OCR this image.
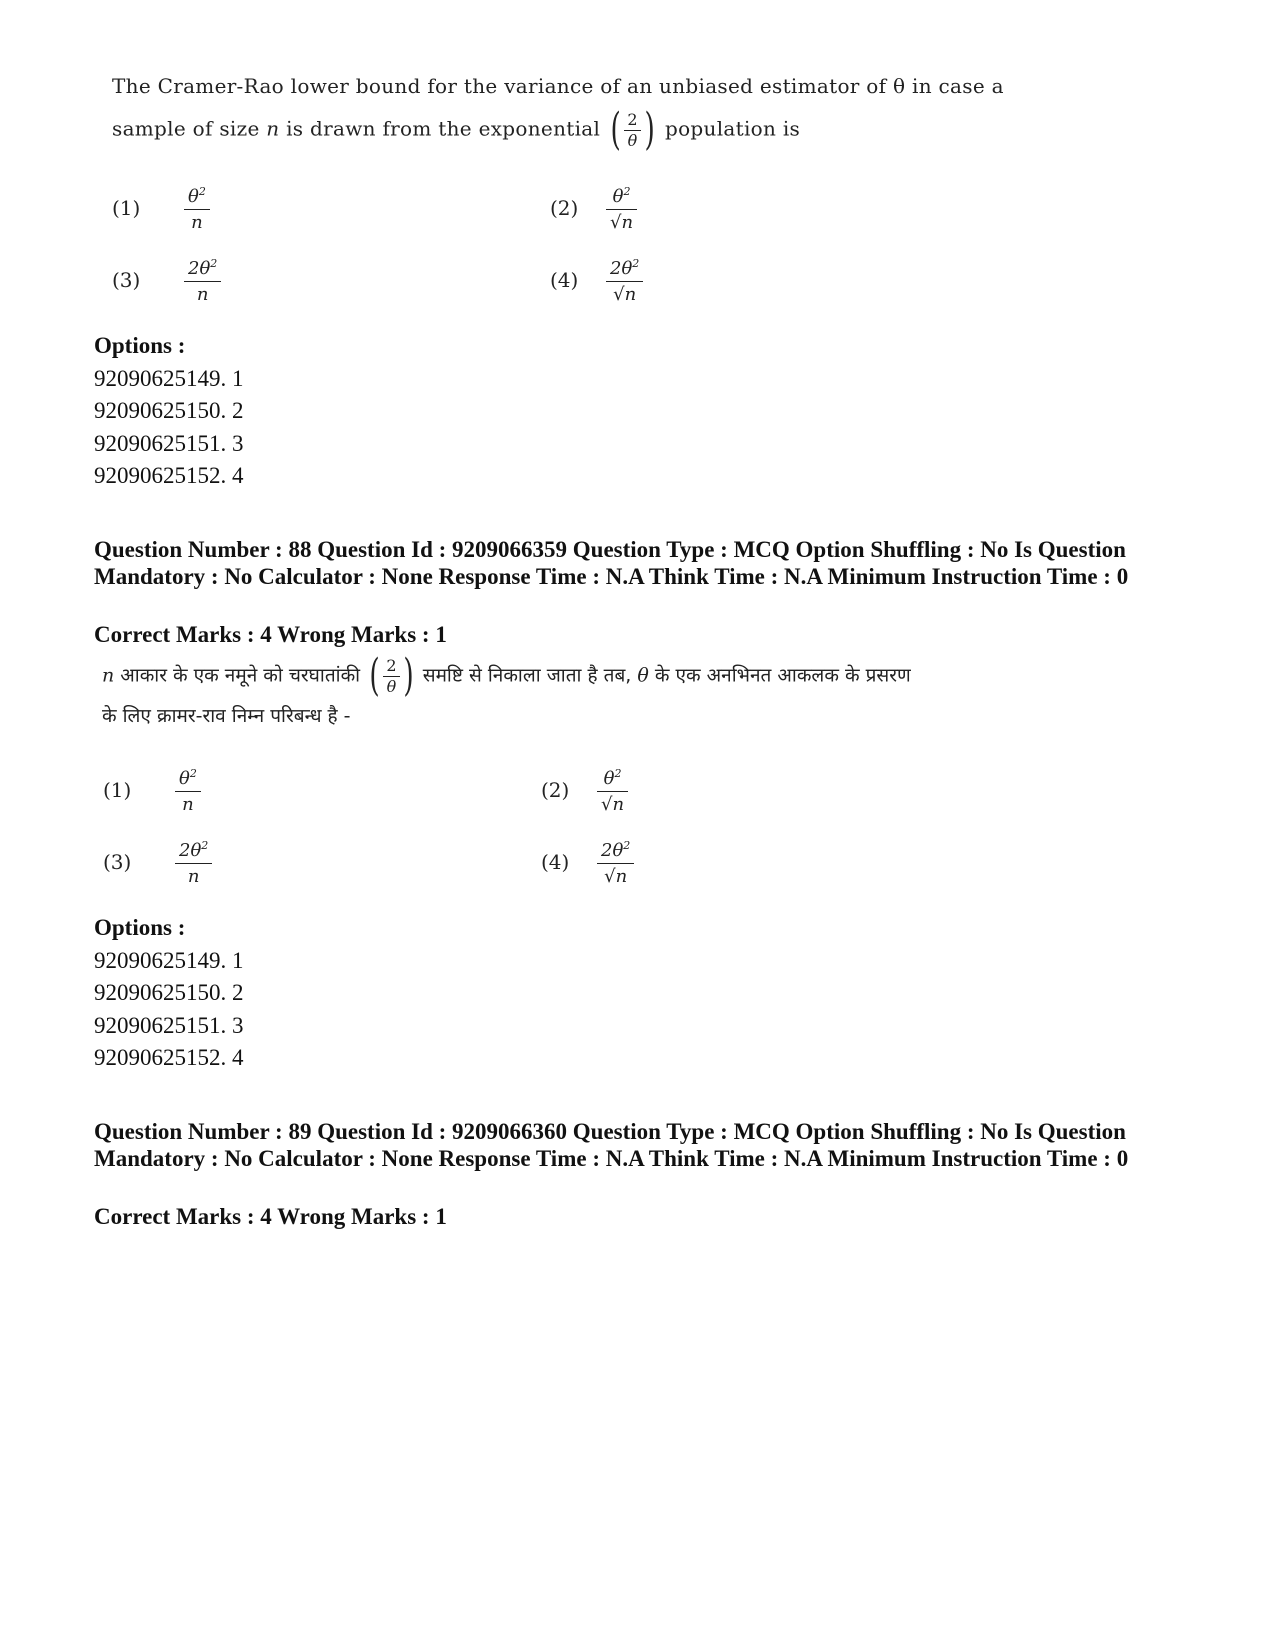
The Cramer-Rao lower bound for the variance of an unbiased estimator of θ in case a
sample of size n is drawn from the exponential ( $\frac{2}{\theta}$ ) population is
(1)	$\theta^2$
n
(2)	$\theta^2$
√n
(3)	$2\theta^2$
n
(4) $2\theta^2$
√n
Options :
92090625149. 1
92090625150. 2
92090625151. 3
92090625152. 4
Question Number : 88 Question Id : 9209066359 Question Type : MCQ Option Shuffling : No Is Question Mandatory : No Calculator : None Response Time : N.A Think Time : N.A Minimum Instruction Time : 0
Correct Marks : 4 Wrong Marks : 1
n आकार के एक नमूने को चरघातांकी ( $\frac{2}{\theta}$ ) समष्टि से निकाला जाता है तब, θ के एक अनभिनत आकलक के प्रसरण
के लिए क्रामर-राव निम्न परिबन्ध है -
(1)	$\theta^2$
n
(2)	$\theta^2$
√n
(3)	$2\theta^2$
n
(4) $2\theta^2$
√n
Options :
92090625149. 1
92090625150. 2
92090625151. 3
92090625152. 4
Question Number : 89 Question Id : 9209066360 Question Type : MCQ Option Shuffling : No Is Question Mandatory : No Calculator : None Response Time : N.A Think Time : N.A Minimum Instruction Time : 0
Correct Marks : 4 Wrong Marks : 1
